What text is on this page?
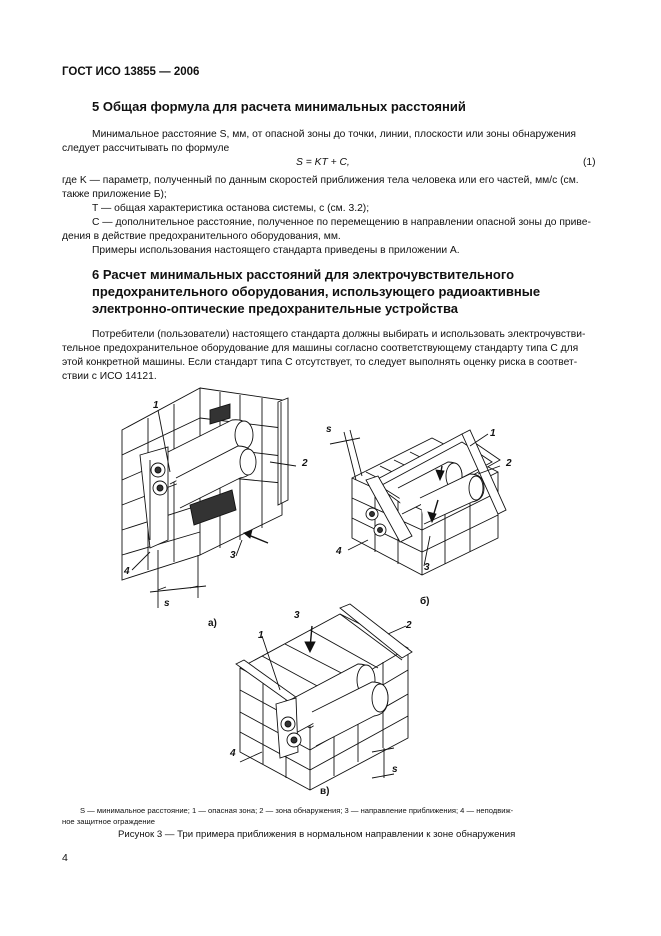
ГОСТ ИСО 13855 — 2006
5 Общая формула для расчета минимальных расстояний
Минимальное расстояние S, мм, от опасной зоны до точки, линии, плоскости или зоны обнаружения
следует рассчитывать по формуле
S = KT + C,	(1)
где K — параметр, полученный по данным скоростей приближения тела человека или его частей, мм/с (см.
также приложение Б);
T — общая характеристика останова системы, с (см. 3.2);
C — дополнительное расстояние, полученное по перемещению в направлении опасной зоны до приве-
дения в действие предохранительного оборудования, мм.
Примеры использования настоящего стандарта приведены в приложении А.
6 Расчет минимальных расстояний для электрочувствительного
предохранительного оборудования, использующего радиоактивные
электронно-оптические предохранительные устройства
Потребители (пользователи) настоящего стандарта должны выбирать и использовать электрочувстви-
тельное предохранительное оборудование для машины согласно соответствующему стандарту типа С для
этой конкретной машины. Если стандарт типа С отсутствует, то следует выполнять оценку риска в соответ-
ствии с ИСО 14121.
1
2
3
4
s
а)
1
2
3
4
s
б)
1
2
3
4
s
в)
S — минимальное расстояние; 1 — опасная зона; 2 — зона обнаружения; 3 — направление приближения; 4 — неподвиж-
ное защитное ограждение
Рисунок 3 — Три примера приближения в нормальном направлении к зоне обнаружения
4
